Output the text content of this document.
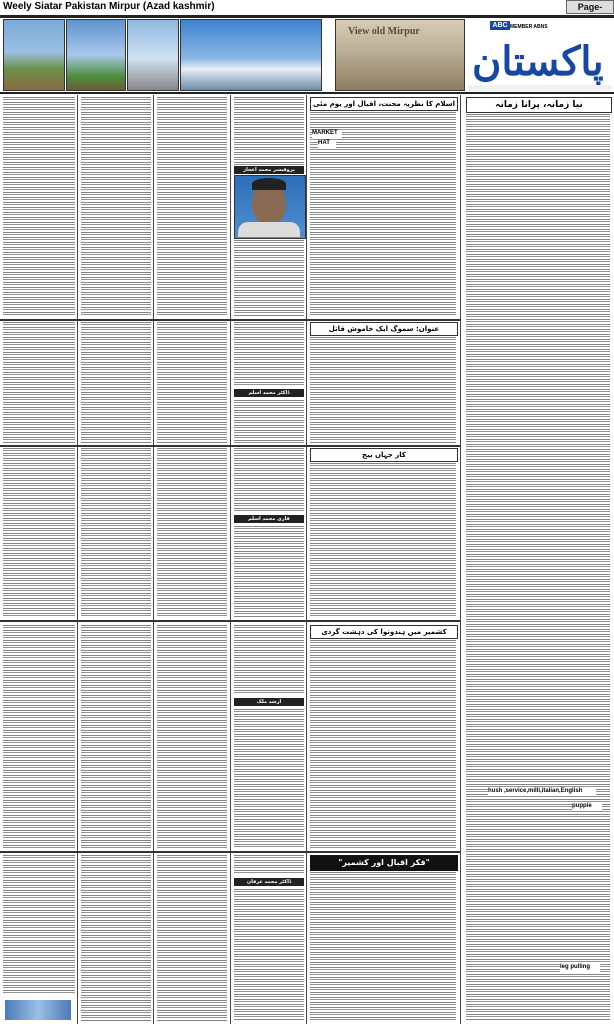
Weely Siatar Pakistan Mirpur (Azad kashmir)	Page-
View old Mirpur
ABC MEMBER ABNS
پاکستان
نیا زمانہ، پرانا زمانہ
hush ,service,milli,italian,English
puppie
leg pulling
اسلام کا نظریہ محنت، اقبال اور یوم مئی
MARKET
HAT
پروفیسر محمد اعجاز
عنوان: سموگ ایک خاموش قاتل
ڈاکٹر محمد اسلم
کار جہاں بیج
قاری محمد اسلم
کشمیر میں ہندوتوا کی دہشت گردی
ارشد ملک
"فکر اقبال اور کشمیر"
ڈاکٹر محمد عرفان
